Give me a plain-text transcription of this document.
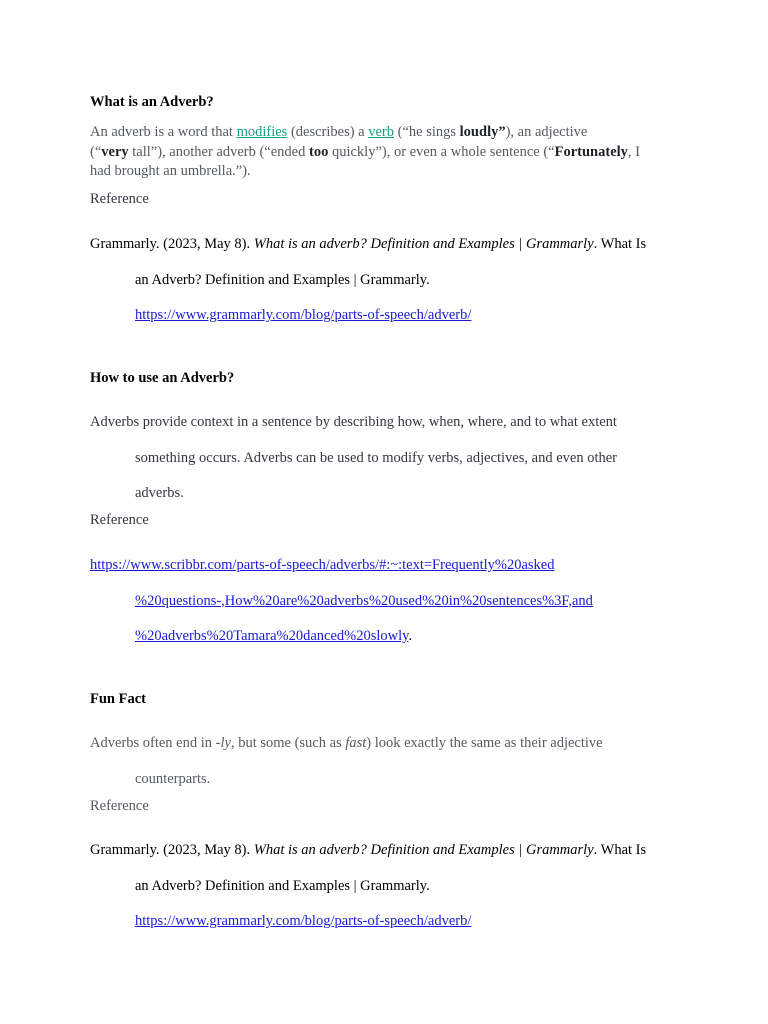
What is an Adverb?
An adverb is a word that modifies (describes) a verb (“he sings loudly”), an adjective
(“very tall”), another adverb (“ended too quickly”), or even a whole sentence (“Fortunately, I
had brought an umbrella.”).
Reference
Grammarly. (2023, May 8). What is an adverb? Definition and Examples | Grammarly. What Is
an Adverb? Definition and Examples | Grammarly.
https://www.grammarly.com/blog/parts-of-speech/adverb/
How to use an Adverb?
Adverbs provide context in a sentence by describing how, when, where, and to what extent
something occurs. Adverbs can be used to modify verbs, adjectives, and even other
adverbs.
Reference
https://www.scribbr.com/parts-of-speech/adverbs/#:~:text=Frequently%20asked
%20questions-,How%20are%20adverbs%20used%20in%20sentences%3F,and
%20adverbs%20Tamara%20danced%20slowly.
Fun Fact
Adverbs often end in -ly, but some (such as fast) look exactly the same as their adjective
counterparts.
Reference
Grammarly. (2023, May 8). What is an adverb? Definition and Examples | Grammarly. What Is
an Adverb? Definition and Examples | Grammarly.
https://www.grammarly.com/blog/parts-of-speech/adverb/
